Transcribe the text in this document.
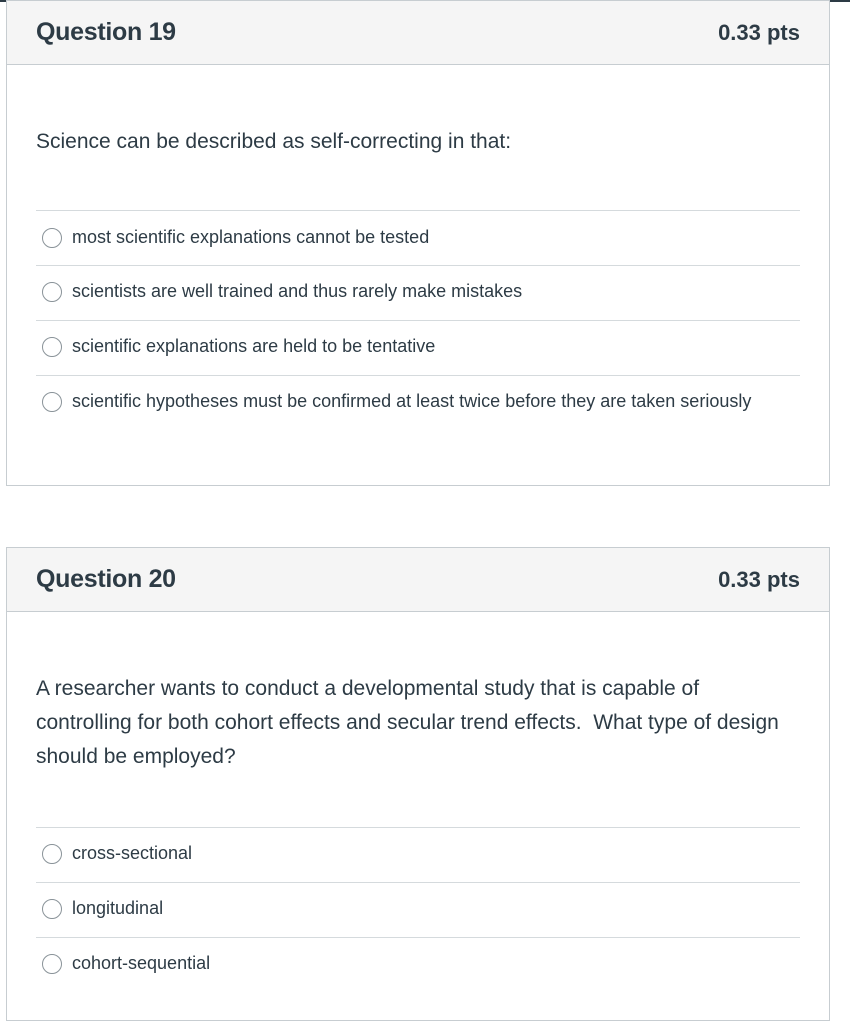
Question 19	0.33 pts
Science can be described as self-correcting in that:
most scientific explanations cannot be tested
scientists are well trained and thus rarely make mistakes
scientific explanations are held to be tentative
scientific hypotheses must be confirmed at least twice before they are taken seriously
Question 20	0.33 pts
A researcher wants to conduct a developmental study that is capable of controlling for both cohort effects and secular trend effects.  What type of design should be employed?
cross-sectional
longitudinal
cohort-sequential
